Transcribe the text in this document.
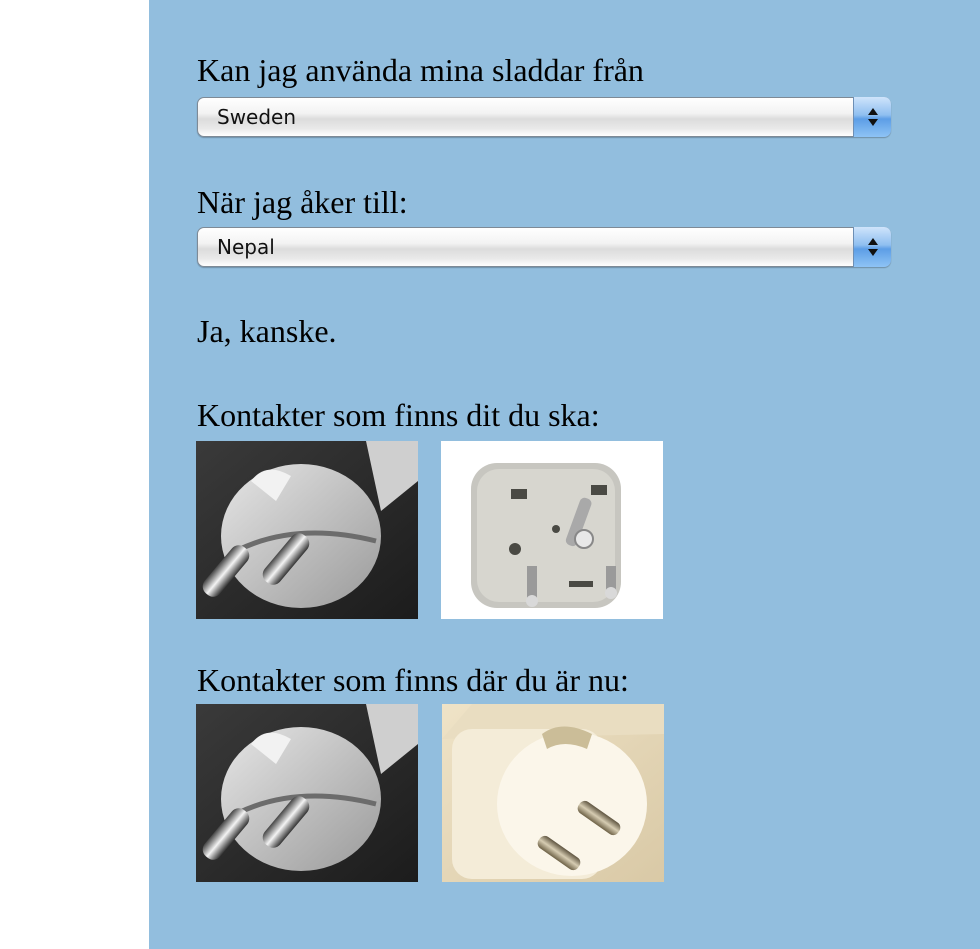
Kan jag använda mina sladdar från
Sweden
När jag åker till:
Nepal
Ja, kanske.
Kontakter som finns dit du ska:
Kontakter som finns där du är nu:
